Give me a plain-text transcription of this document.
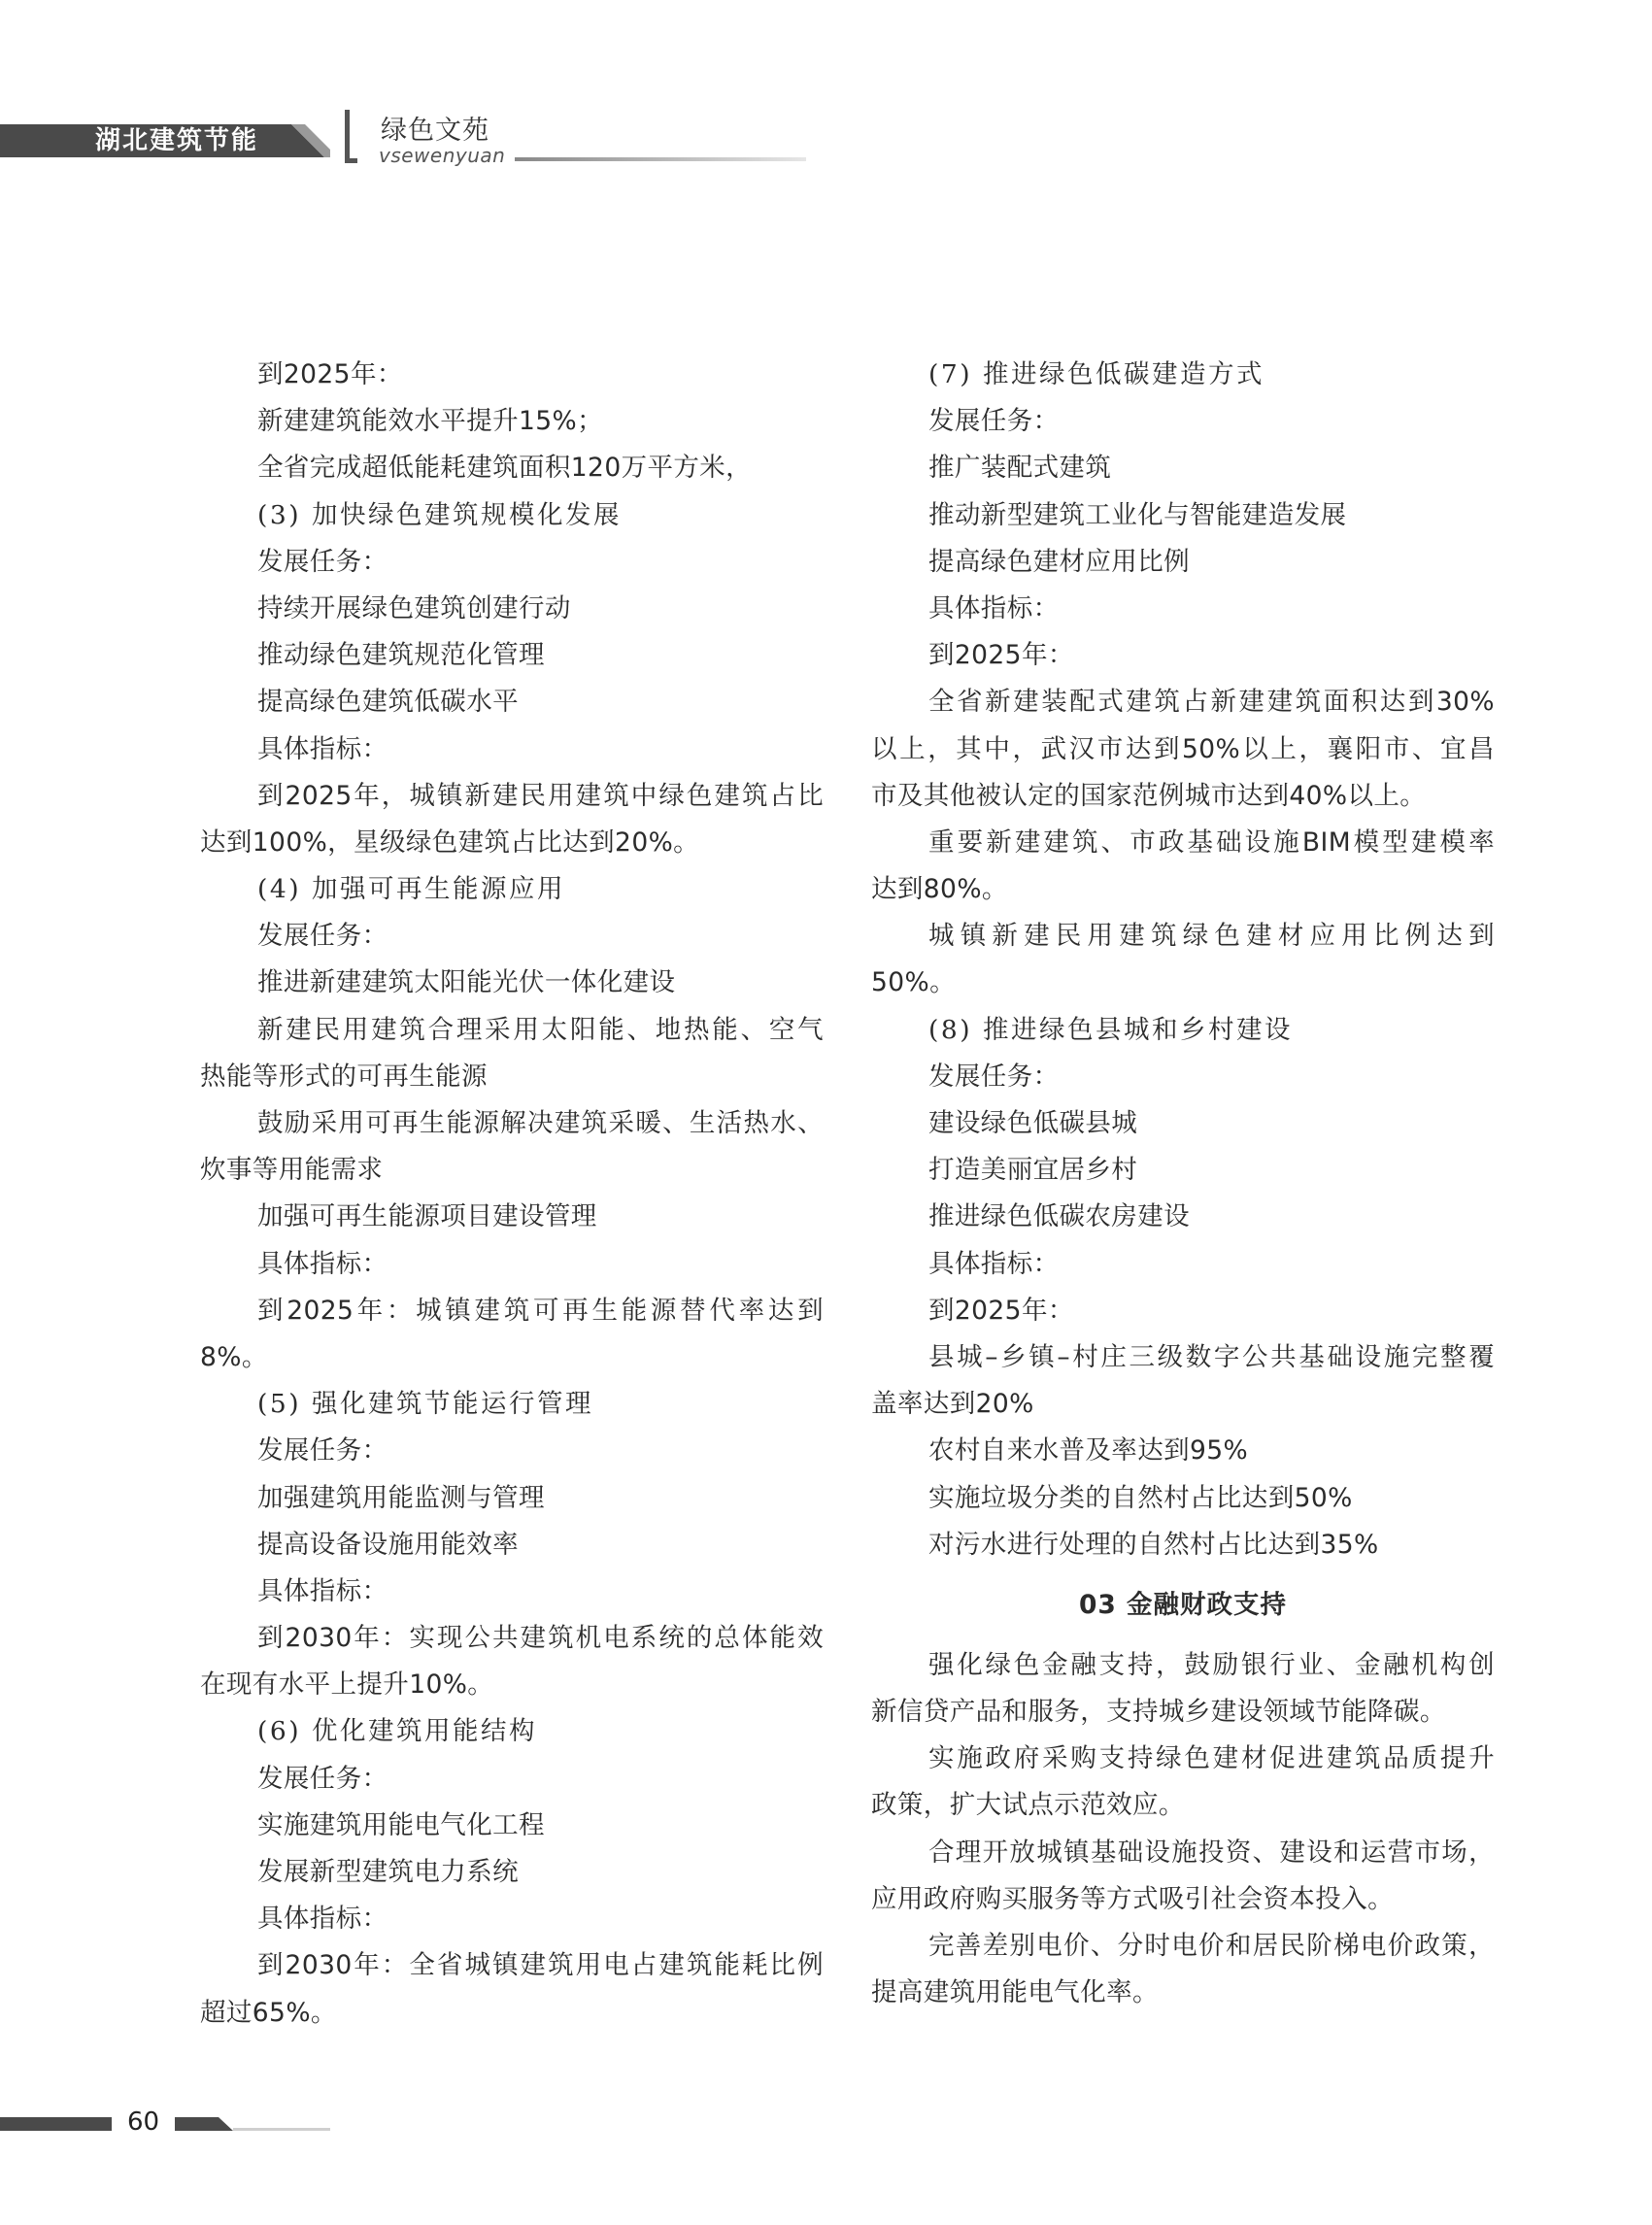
湖北建筑节能	绿色文苑
vsewenyuan
到2025年：
新建建筑能效水平提升15%；
全省完成超低能耗建筑面积120万平方米，
(3) 加快绿色建筑规模化发展
发展任务：
持续开展绿色建筑创建行动
推动绿色建筑规范化管理
提高绿色建筑低碳水平
具体指标：
到2025年，城镇新建民用建筑中绿色建筑占比
达到100%，星级绿色建筑占比达到20%。
(4) 加强可再生能源应用
发展任务：
推进新建建筑太阳能光伏一体化建设
新建民用建筑合理采用太阳能、地热能、空气
热能等形式的可再生能源
鼓励采用可再生能源解决建筑采暖、生活热水、
炊事等用能需求
加强可再生能源项目建设管理
具体指标：
到2025年：城镇建筑可再生能源替代率达到
8%。
(5) 强化建筑节能运行管理
发展任务：
加强建筑用能监测与管理
提高设备设施用能效率
具体指标：
到2030年：实现公共建筑机电系统的总体能效
在现有水平上提升10%。
(6) 优化建筑用能结构
发展任务：
实施建筑用能电气化工程
发展新型建筑电力系统
具体指标：
到2030年：全省城镇建筑用电占建筑能耗比例
超过65%。
(7) 推进绿色低碳建造方式
发展任务：
推广装配式建筑
推动新型建筑工业化与智能建造发展
提高绿色建材应用比例
具体指标：
到2025年：
全省新建装配式建筑占新建建筑面积达到30%
以上，其中，武汉市达到50%以上，襄阳市、宜昌
市及其他被认定的国家范例城市达到40%以上。
重要新建建筑、市政基础设施BIM模型建模率
达到80%。
城镇新建民用建筑绿色建材应用比例达到
50%。
(8) 推进绿色县城和乡村建设
发展任务：
建设绿色低碳县城
打造美丽宜居乡村
推进绿色低碳农房建设
具体指标：
到2025年：
县城–乡镇–村庄三级数字公共基础设施完整覆
盖率达到20%
农村自来水普及率达到95%
实施垃圾分类的自然村占比达到50%
对污水进行处理的自然村占比达到35%
03 金融财政支持
强化绿色金融支持，鼓励银行业、金融机构创
新信贷产品和服务，支持城乡建设领域节能降碳。
实施政府采购支持绿色建材促进建筑品质提升
政策，扩大试点示范效应。
合理开放城镇基础设施投资、建设和运营市场，
应用政府购买服务等方式吸引社会资本投入。
完善差别电价、分时电价和居民阶梯电价政策，
提高建筑用能电气化率。
60
